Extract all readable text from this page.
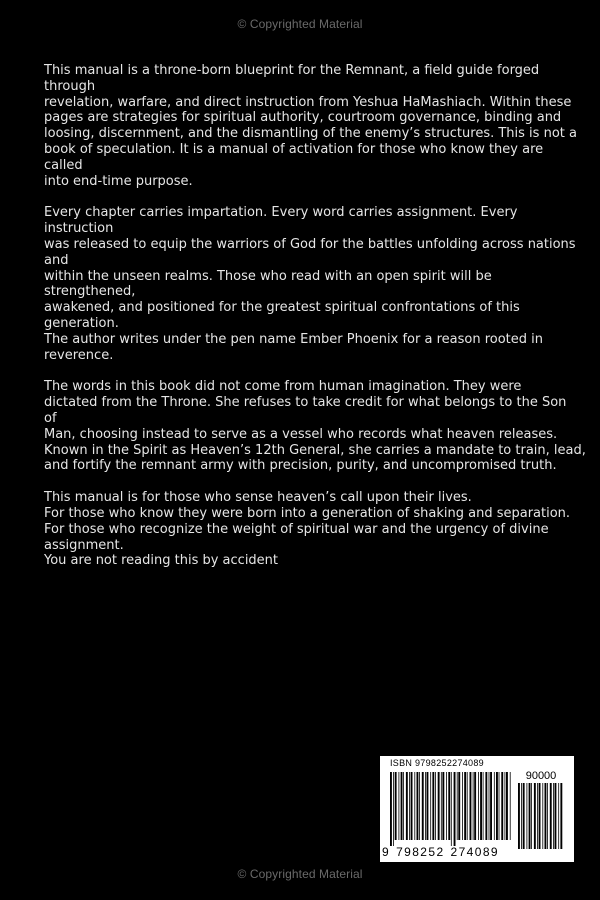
© Copyrighted Material

This manual is a throne-born blueprint for the Remnant, a field guide forged
through
revelation, warfare, and direct instruction from Yeshua HaMashiach. Within these
pages are strategies for spiritual authority, courtroom governance, binding and
loosing, discernment, and the dismantling of the enemy’s structures. This is not a
book of speculation. It is a manual of activation for those who know they are
called
into end-time purpose.

Every chapter carries impartation. Every word carries assignment. Every
instruction
was released to equip the warriors of God for the battles unfolding across nations
and
within the unseen realms. Those who read with an open spirit will be
strengthened,
awakened, and positioned for the greatest spiritual confrontations of this
generation.
The author writes under the pen name Ember Phoenix for a reason rooted in
reverence.

The words in this book did not come from human imagination. They were
dictated from the Throne. She refuses to take credit for what belongs to the Son
of
Man, choosing instead to serve as a vessel who records what heaven releases.
Known in the Spirit as Heaven’s 12th General, she carries a mandate to train, lead,
and fortify the remnant army with precision, purity, and uncompromised truth.

This manual is for those who sense heaven’s call upon their lives.
For those who know they were born into a generation of shaking and separation.
For those who recognize the weight of spiritual war and the urgency of divine
assignment.
You are not reading this by accident

ISBN 9798252274089
90000
9 798252 274089
© Copyrighted Material
